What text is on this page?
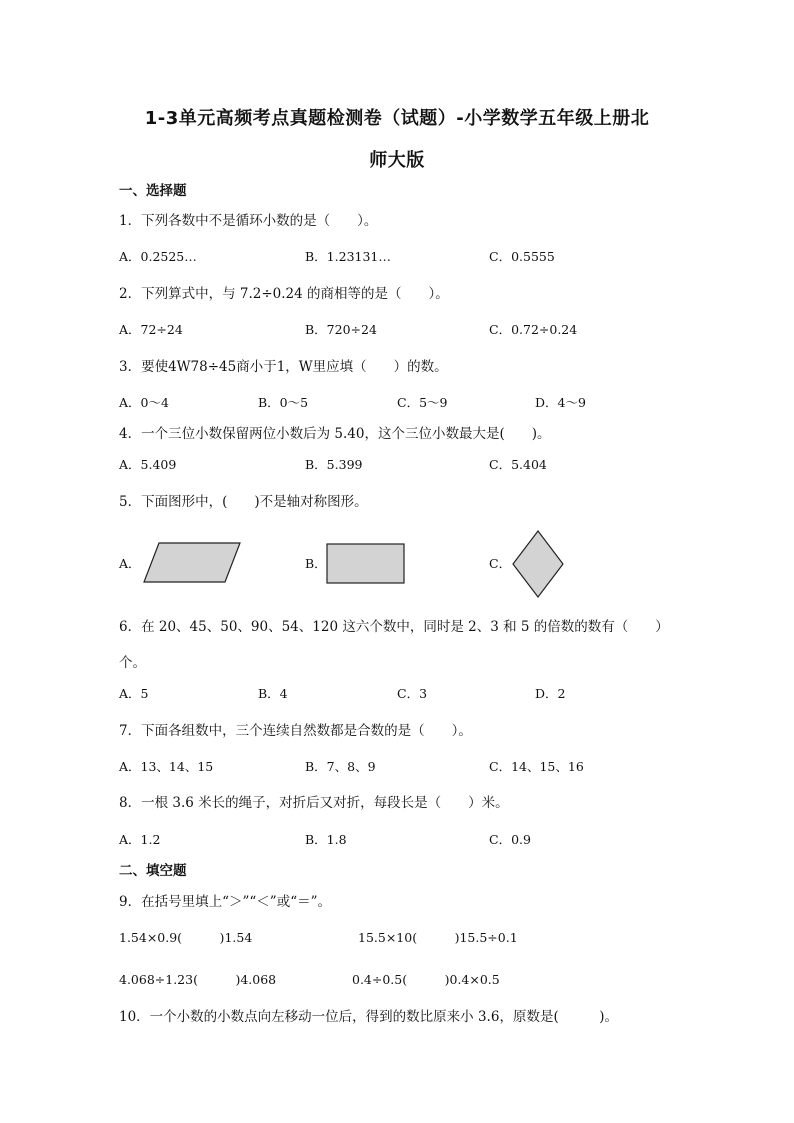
1-3单元高频考点真题检测卷（试题）-小学数学五年级上册北
师大版
一、选择题
1．下列各数中不是循环小数的是（　　）。
A．0.2525…	B．1.23131…	C．0.5555
2．下列算式中，与 7.2÷0.24 的商相等的是（　　）。
A．72÷24	B．720÷24	C．0.72÷0.24
3．要使4W78÷45商小于1，W里应填（　　）的数。
A．0～4	B．0～5	C．5～9	D．4～9
4．一个三位小数保留两位小数后为 5.40，这个三位小数最大是(　　)。
A．5.409	B．5.399	C．5.404
5．下面图形中，(　　)不是轴对称图形。
A．	B．	C．
6．在 20、45、50、90、54、120 这六个数中，同时是 2、3 和 5 的倍数的数有（　　）
个。
A．5	B．4	C．3	D．2
7．下面各组数中，三个连续自然数都是合数的是（　　）。
A．13、14、15	B．7、8、9	C．14、15、16
8．一根 3.6 米长的绳子，对折后又对折，每段长是（　　）米。
A．1.2	B．1.8	C．0.9
二、填空题
9．在括号里填上“＞”“＜”或“＝”。
1.54×0.9(　　　)1.54	15.5×10(　　　)15.5÷0.1
4.068÷1.23(　　　)4.068	0.4÷0.5(　　　)0.4×0.5
10．一个小数的小数点向左移动一位后，得到的数比原来小 3.6，原数是(　　　)。
